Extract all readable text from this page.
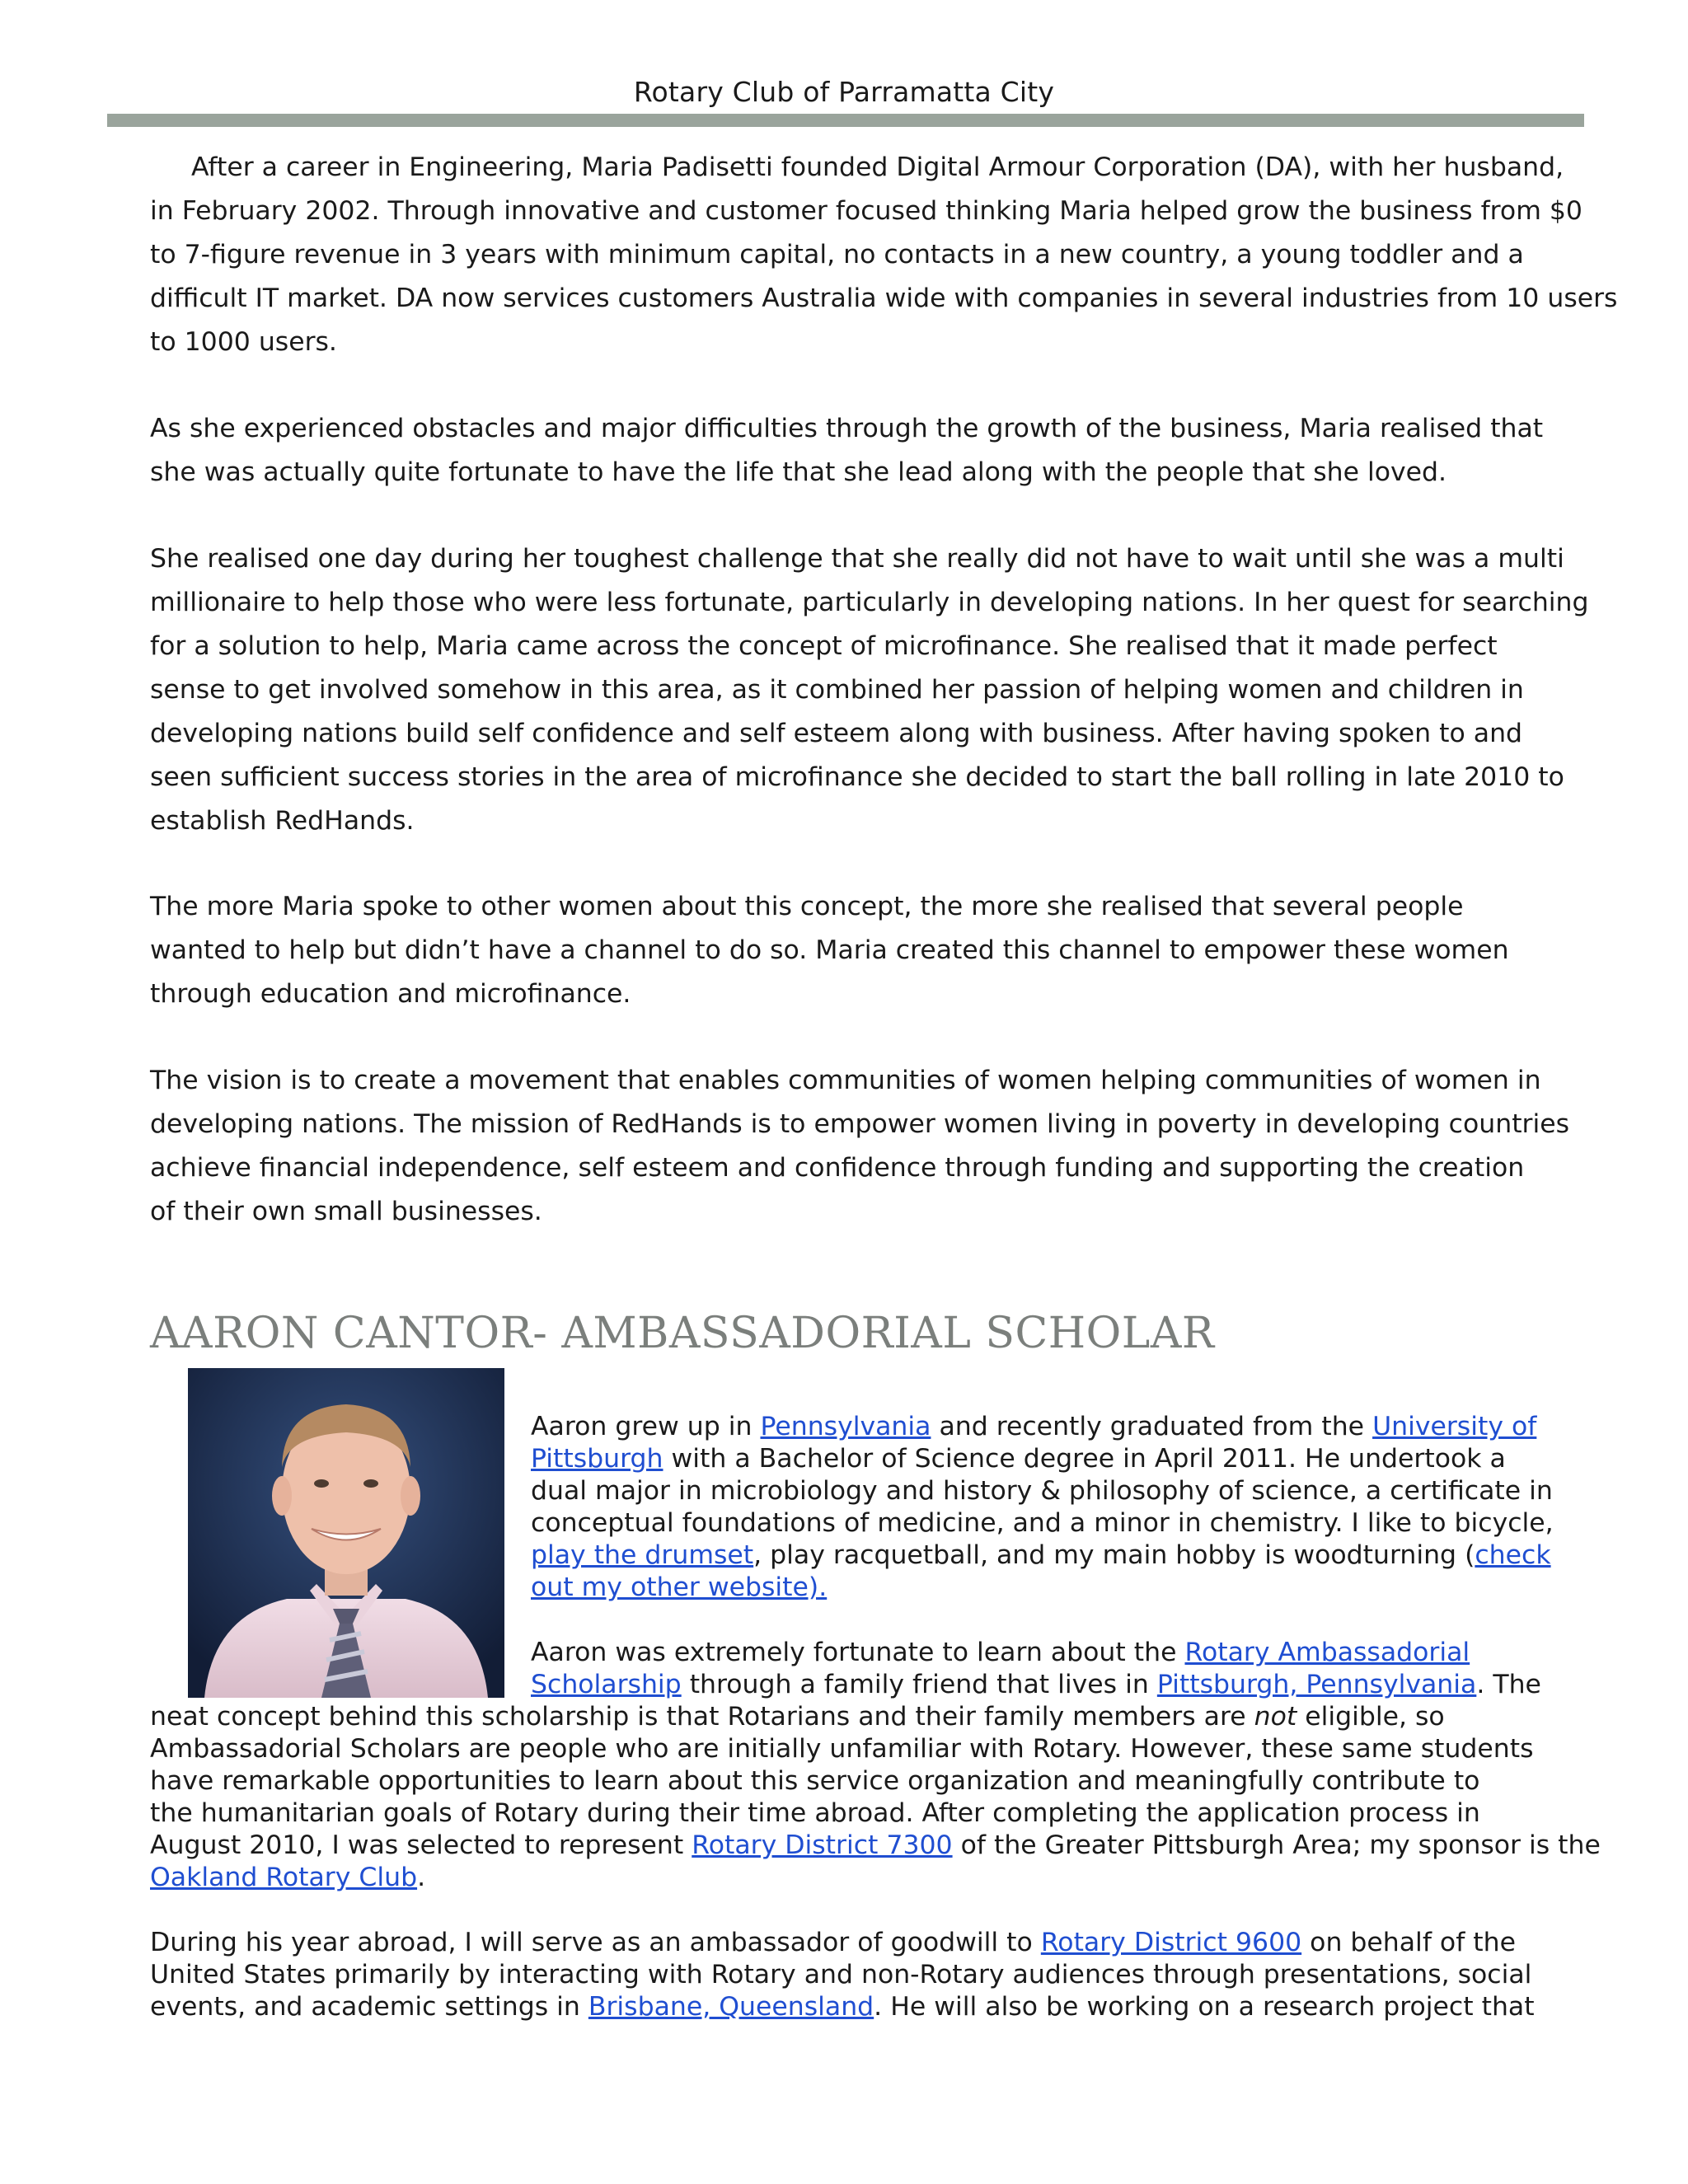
Rotary Club of Parramatta City

After a career in Engineering, Maria Padisetti founded Digital Armour Corporation (DA), with her husband,
in February 2002. Through innovative and customer focused thinking Maria helped grow the business from $0
to 7-figure revenue in 3 years with minimum capital, no contacts in a new country, a young toddler and a
difficult IT market. DA now services customers Australia wide with companies in several industries from 10 users
to 1000 users.

As she experienced obstacles and major difficulties through the growth of the business, Maria realised that
she was actually quite fortunate to have the life that she lead along with the people that she loved.

She realised one day during her toughest challenge that she really did not have to wait until she was a multi
millionaire to help those who were less fortunate, particularly in developing nations. In her quest for searching
for a solution to help, Maria came across the concept of microfinance. She realised that it made perfect
sense to get involved somehow in this area, as it combined her passion of helping women and children in
developing nations build self confidence and self esteem along with business. After having spoken to and
seen sufficient success stories in the area of microfinance she decided to start the ball rolling in late 2010 to
establish RedHands.

The more Maria spoke to other women about this concept, the more she realised that several people
wanted to help but didn’t have a channel to do so. Maria created this channel to empower these women
through education and microfinance.

The vision is to create a movement that enables communities of women helping communities of women in
developing nations. The mission of RedHands is to empower women living in poverty in developing countries
achieve financial independence, self esteem and confidence through funding and supporting the creation
of their own small businesses.

AARON CANTOR- AMBASSADORIAL SCHOLAR
Aaron grew up in Pennsylvania and recently graduated from the University of
Pittsburgh with a Bachelor of Science degree in April 2011. He undertook a
dual major in microbiology and history & philosophy of science, a certificate in
conceptual foundations of medicine, and a minor in chemistry. I like to bicycle,
play the drumset, play racquetball, and my main hobby is woodturning (check
out my other website).
Aaron was extremely fortunate to learn about the Rotary Ambassadorial
Scholarship through a family friend that lives in Pittsburgh, Pennsylvania. The
neat concept behind this scholarship is that Rotarians and their family members are not eligible, so
Ambassadorial Scholars are people who are initially unfamiliar with Rotary. However, these same students
have remarkable opportunities to learn about this service organization and meaningfully contribute to
the humanitarian goals of Rotary during their time abroad. After completing the application process in
August 2010, I was selected to represent Rotary District 7300 of the Greater Pittsburgh Area; my sponsor is the
Oakland Rotary Club.
During his year abroad, I will serve as an ambassador of goodwill to Rotary District 9600 on behalf of the
United States primarily by interacting with Rotary and non-Rotary audiences through presentations, social
events, and academic settings in Brisbane, Queensland. He will also be working on a research project that
